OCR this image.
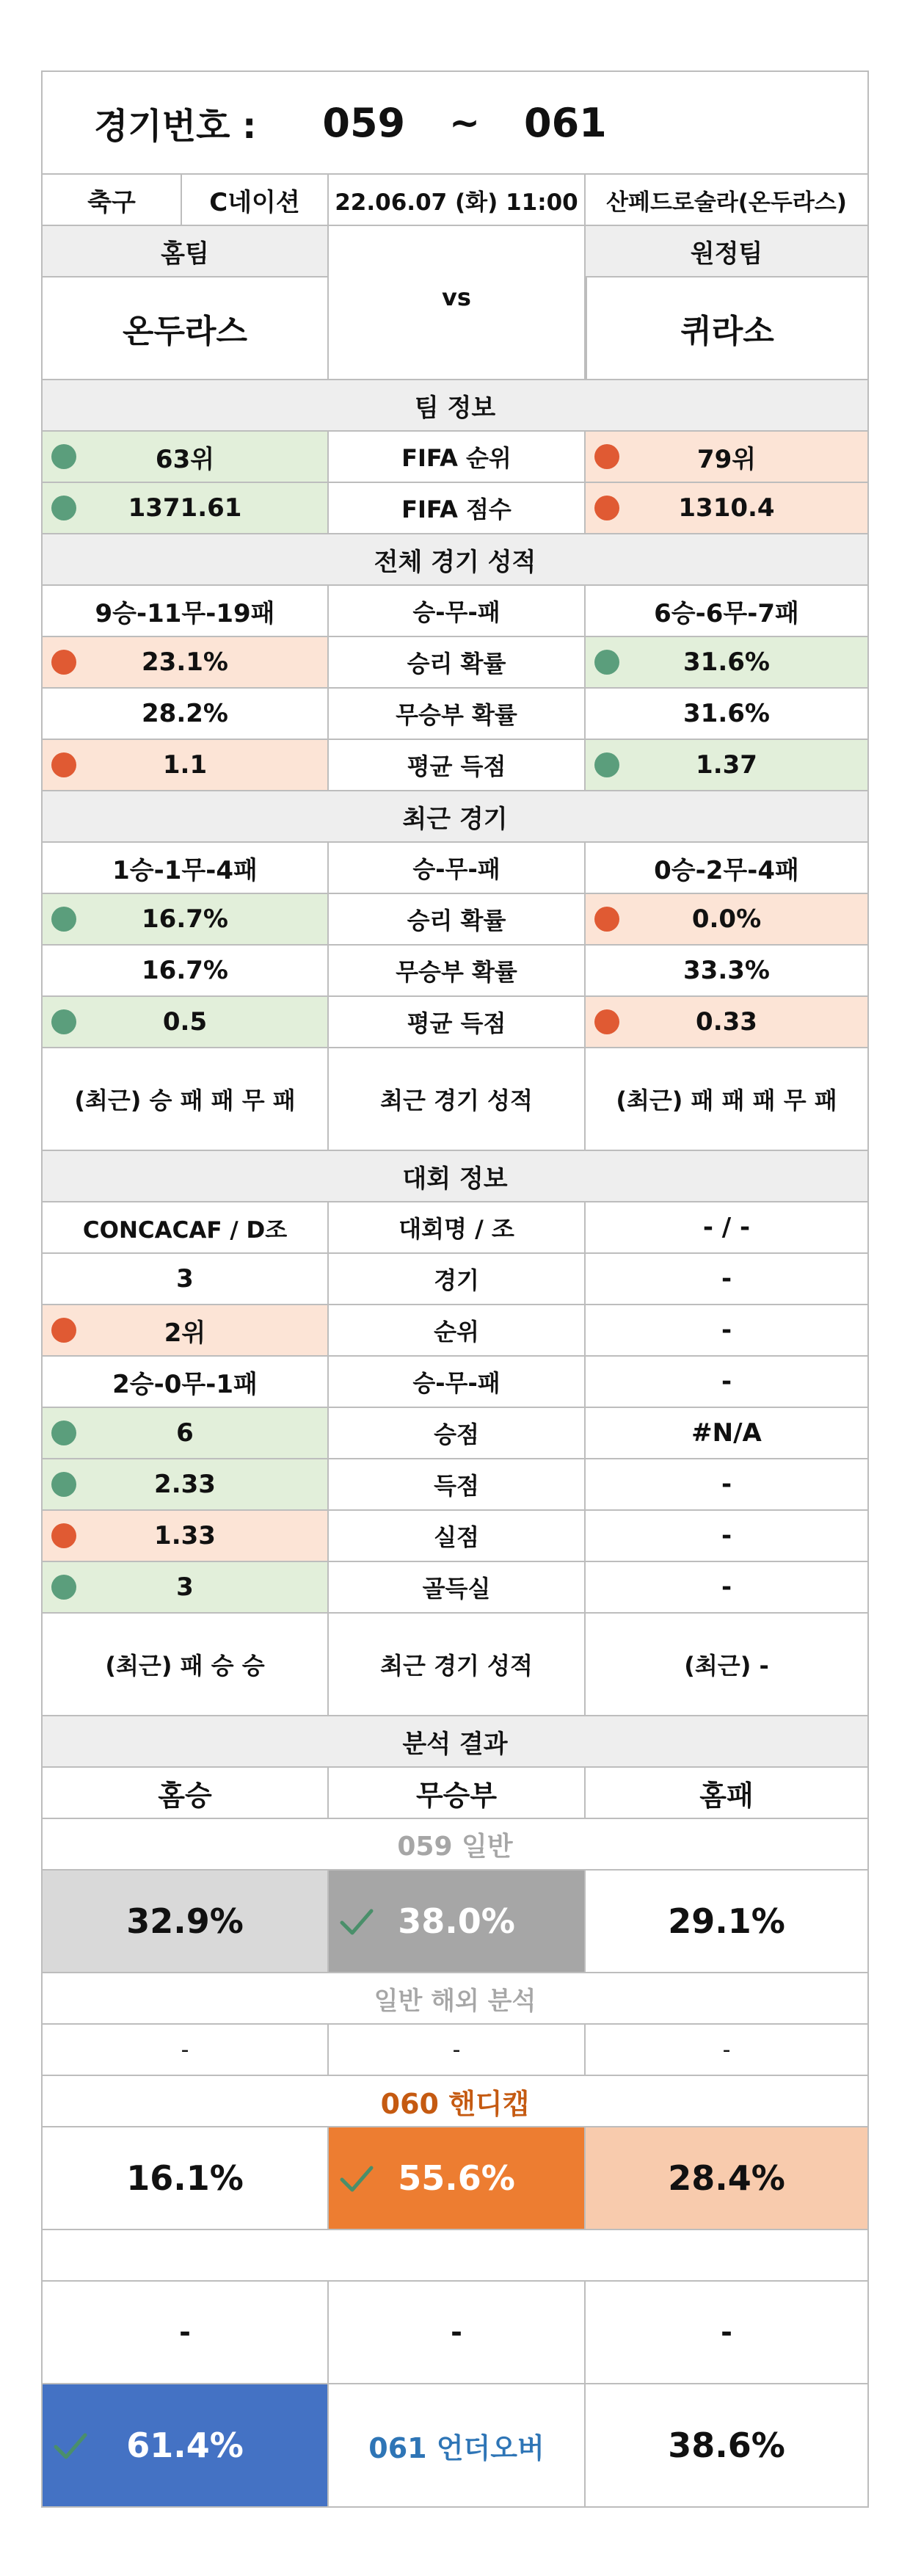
경기번호 : 059 ~ 061
축구	C네이션	22.06.07 (화) 11:00	산페드로술라(온두라스)
홈팀
vs
원정팀
온두라스	퀴라소
팀 정보
63위	FIFA 순위	79위
1371.61	FIFA 점수	1310.4
전체 경기 성적
9승-11무-19패	승-무-패	6승-6무-7패
23.1%	승리 확률	31.6%
28.2%	무승부 확률	31.6%
1.1	평균 득점	1.37
최근 경기
1승-1무-4패	승-무-패	0승-2무-4패
16.7%	승리 확률	0.0%
16.7%	무승부 확률	33.3%
0.5	평균 득점	0.33
(최근) 승 패 패 무 패	최근 경기 성적	(최근) 패 패 패 무 패
대회 정보
CONCACAF / D조	대회명 / 조	- / -
3	경기	-
2위	순위	-
2승-0무-1패	승-무-패	-
6	승점	#N/A
2.33	득점	-
1.33	실점	-
3	골득실	-
(최근) 패 승 승	최근 경기 성적	(최근) -
분석 결과
홈승	무승부	홈패
059 일반
32.9%	38.0%	29.1%
일반 해외 분석
-	-	-
060 핸디캡
16.1%	55.6%	28.4%
-	-	-
61.4%	061 언더오버	38.6%
